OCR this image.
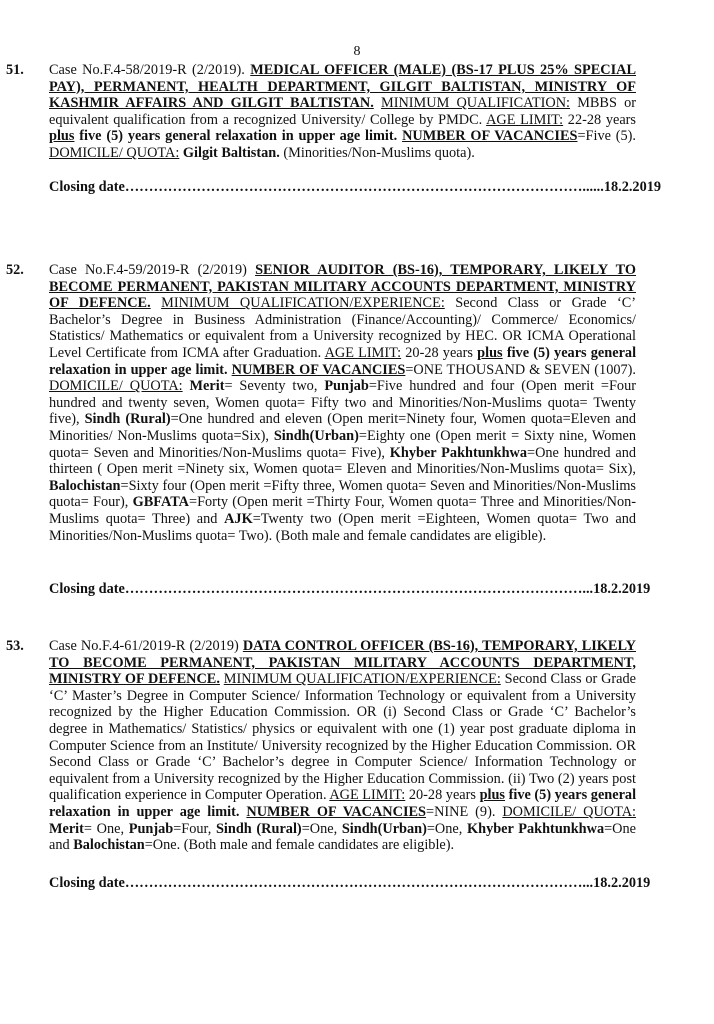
8
51. Case No.F.4-58/2019-R (2/2019). MEDICAL OFFICER (MALE) (BS-17 PLUS 25% SPECIAL PAY), PERMANENT, HEALTH DEPARTMENT, GILGIT BALTISTAN, MINISTRY OF KASHMIR AFFAIRS AND GILGIT BALTISTAN. MINIMUM QUALIFICATION: MBBS or equivalent qualification from a recognized University/ College by PMDC. AGE LIMIT: 22-28 years plus five (5) years general relaxation in upper age limit. NUMBER OF VACANCIES=Five (5). DOMICILE/ QUOTA: Gilgit Baltistan. (Minorities/Non-Muslims quota).

Closing date……………………………………………………………………………………......18.2.2019
52. Case No.F.4-59/2019-R (2/2019) SENIOR AUDITOR (BS-16), TEMPORARY, LIKELY TO BECOME PERMANENT, PAKISTAN MILITARY ACCOUNTS DEPARTMENT, MINISTRY OF DEFENCE. MINIMUM QUALIFICATION/EXPERIENCE: Second Class or Grade ‘C’ Bachelor’s Degree in Business Administration (Finance/Accounting)/ Commerce/ Economics/ Statistics/ Mathematics or equivalent from a University recognized by HEC. OR ICMA Operational Level Certificate from ICMA after Graduation. AGE LIMIT: 20-28 years plus five (5) years general relaxation in upper age limit. NUMBER OF VACANCIES=ONE THOUSAND & SEVEN (1007). DOMICILE/ QUOTA: Merit= Seventy two, Punjab=Five hundred and four (Open merit =Four hundred and twenty seven, Women quota= Fifty two and Minorities/Non-Muslims quota= Twenty five), Sindh (Rural)=One hundred and eleven (Open merit=Ninety four, Women quota=Eleven and Minorities/ Non-Muslims quota=Six), Sindh(Urban)=Eighty one (Open merit = Sixty nine, Women quota= Seven and Minorities/Non-Muslims quota= Five), Khyber Pakhtunkhwa=One hundred and thirteen ( Open merit =Ninety six, Women quota= Eleven and Minorities/Non-Muslims quota= Six), Balochistan=Sixty four (Open merit =Fifty three, Women quota= Seven and Minorities/Non-Muslims quota= Four), GBFATA=Forty (Open merit =Thirty Four, Women quota= Three and Minorities/Non-Muslims quota= Three) and AJK=Twenty two (Open merit =Eighteen, Women quota= Two and Minorities/Non-Muslims quota= Two). (Both male and female candidates are eligible).

Closing date……………………………………………………………………………………...18.2.2019
53. Case No.F.4-61/2019-R (2/2019) DATA CONTROL OFFICER (BS-16), TEMPORARY, LIKELY TO BECOME PERMANENT, PAKISTAN MILITARY ACCOUNTS DEPARTMENT, MINISTRY OF DEFENCE. MINIMUM QUALIFICATION/EXPERIENCE: Second Class or Grade ‘C’ Master’s Degree in Computer Science/ Information Technology or equivalent from a University recognized by the Higher Education Commission. OR (i) Second Class or Grade ‘C’ Bachelor’s degree in Mathematics/ Statistics/ physics or equivalent with one (1) year post graduate diploma in Computer Science from an Institute/ University recognized by the Higher Education Commission. OR Second Class or Grade ‘C’ Bachelor’s degree in Computer Science/ Information Technology or equivalent from a University recognized by the Higher Education Commission. (ii) Two (2) years post qualification experience in Computer Operation. AGE LIMIT: 20-28 years plus five (5) years general relaxation in upper age limit. NUMBER OF VACANCIES=NINE (9). DOMICILE/ QUOTA: Merit= One, Punjab=Four, Sindh (Rural)=One, Sindh(Urban)=One, Khyber Pakhtunkhwa=One and Balochistan=One. (Both male and female candidates are eligible).

Closing date……………………………………………………………………………………...18.2.2019
